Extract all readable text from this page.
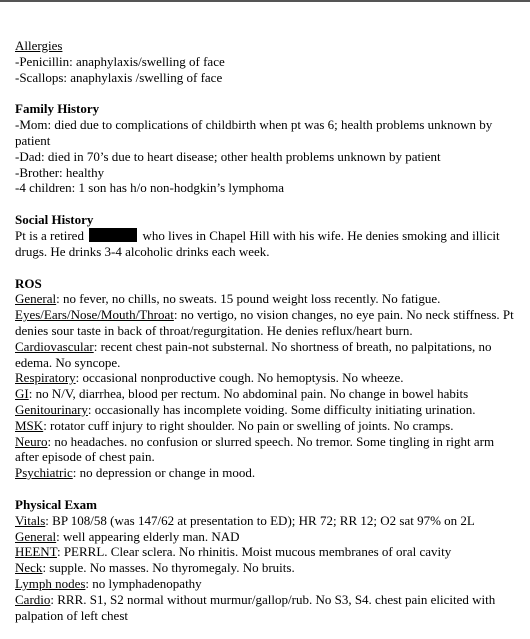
Allergies
-Penicillin: anaphylaxis/swelling of face
-Scallops: anaphylaxis /swelling of face
Family History
-Mom: died due to complications of childbirth when pt was 6; health problems unknown by patient
-Dad: died in 70’s due to heart disease; other health problems unknown by patient
-Brother: healthy
-4 children: 1 son has h/o non-hodgkin’s lymphoma
Social History
Pt is a retired	who lives in Chapel Hill with his wife. He denies smoking and illicit drugs. He drinks 3-4 alcoholic drinks each week.
ROS
General: no fever, no chills, no sweats. 15 pound weight loss recently. No fatigue.
Eyes/Ears/Nose/Mouth/Throat: no vertigo, no vision changes, no eye pain. No neck stiffness. Pt denies sour taste in back of throat/regurgitation. He denies reflux/heart burn.
Cardiovascular: recent chest pain-not substernal. No shortness of breath, no palpitations, no edema. No syncope.
Respiratory: occasional nonproductive cough. No hemoptysis. No wheeze.
GI: no N/V, diarrhea, blood per rectum. No abdominal pain. No change in bowel habits
Genitourinary: occasionally has incomplete voiding. Some difficulty initiating urination.
MSK: rotator cuff injury to right shoulder. No pain or swelling of joints. No cramps.
Neuro: no headaches. no confusion or slurred speech. No tremor. Some tingling in right arm after episode of chest pain.
Psychiatric: no depression or change in mood.
Physical Exam
Vitals: BP 108/58 (was 147/62 at presentation to ED); HR 72; RR 12; O2 sat 97% on 2L
General: well appearing elderly man. NAD
HEENT: PERRL. Clear sclera. No rhinitis. Moist mucous membranes of oral cavity
Neck: supple. No masses. No thyromegaly. No bruits.
Lymph nodes: no lymphadenopathy
Cardio: RRR. S1, S2 normal without murmur/gallop/rub. No S3, S4. chest pain elicited with palpation of left chest
